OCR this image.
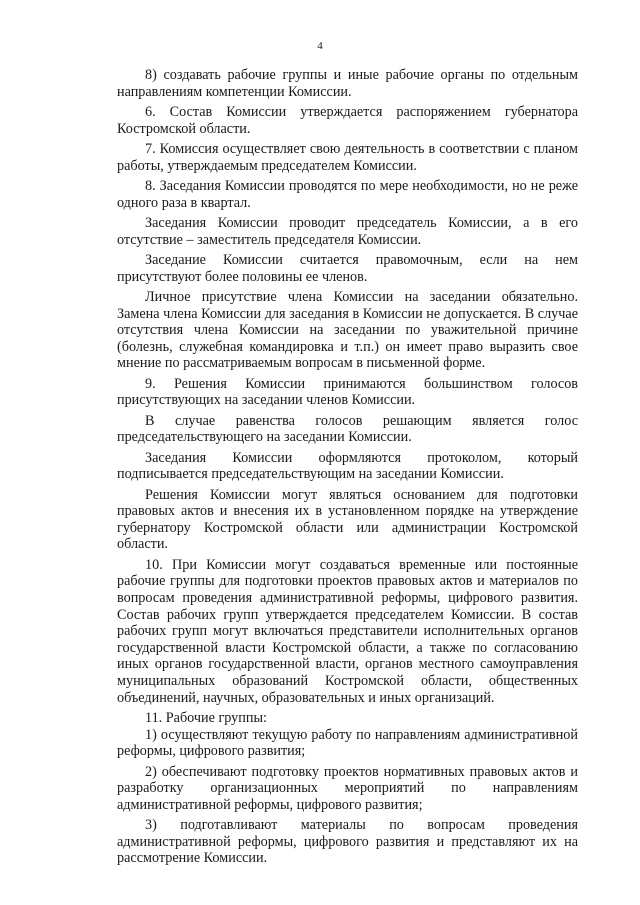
4

8) создавать рабочие группы и иные рабочие органы по отдельным направлениям компетенции Комиссии.

6. Состав Комиссии утверждается распоряжением губернатора Костромской области.

7. Комиссия осуществляет свою деятельность в соответствии с планом работы, утверждаемым председателем Комиссии.

8. Заседания Комиссии проводятся по мере необходимости, но не реже одного раза в квартал.

Заседания Комиссии проводит председатель Комиссии, а в его отсутствие – заместитель председателя Комиссии.

Заседание Комиссии считается правомочным, если на нем присутствуют более половины ее членов.

Личное присутствие члена Комиссии на заседании обязательно. Замена члена Комиссии для заседания в Комиссии не допускается. В случае отсутствия члена Комиссии на заседании по уважительной причине (болезнь, служебная командировка и т.п.) он имеет право выразить свое мнение по рассматриваемым вопросам в письменной форме.

9. Решения Комиссии принимаются большинством голосов присутствующих на заседании членов Комиссии.

В случае равенства голосов решающим является голос председательствующего на заседании Комиссии.

Заседания Комиссии оформляются протоколом, который подписывается председательствующим на заседании Комиссии.

Решения Комиссии могут являться основанием для подготовки правовых актов и внесения их в установленном порядке на утверждение губернатору Костромской области или администрации Костромской области.

10. При Комиссии могут создаваться временные или постоянные рабочие группы для подготовки проектов правовых актов и материалов по вопросам проведения административной реформы, цифрового развития. Состав рабочих групп утверждается председателем Комиссии. В состав рабочих групп могут включаться представители исполнительных органов государственной власти Костромской области, а также по согласованию иных органов государственной власти, органов местного самоуправления муниципальных образований Костромской области, общественных объединений, научных, образовательных и иных организаций.

11. Рабочие группы:

1) осуществляют текущую работу по направлениям административной реформы, цифрового развития;

2) обеспечивают подготовку проектов нормативных правовых актов и разработку организационных мероприятий по направлениям административной реформы, цифрового развития;

3) подготавливают материалы по вопросам проведения административной реформы, цифрового развития и представляют их на рассмотрение Комиссии.
